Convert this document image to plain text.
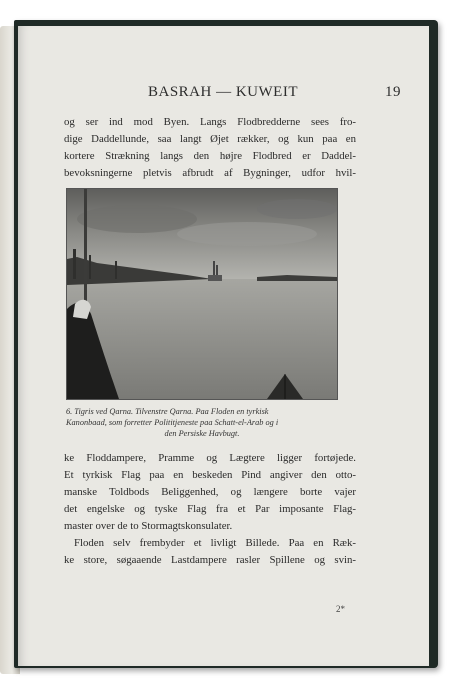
BASRAH — KUWEIT	19
og ser ind mod Byen. Langs Flodbredderne sees fro-
dige Daddellunde, saa langt Øjet rækker, og kun paa en
kortere Strækning langs den højre Flodbred er Daddel-
bevoksningerne pletvis afbrudt af Bygninger, udfor hvil-
6. Tigris ved Qarna. Tilvenstre Qarna. Paa Floden en tyrkisk
Kanonbaad, som forretter Polititjeneste paa Schatt-el-Arab og i
den Persiske Havbugt.
ke Floddampere, Pramme og Lægtere ligger fortøjede.
Et tyrkisk Flag paa en beskeden Pind angiver den otto-
manske Toldbods Beliggenhed, og længere borte vajer
det engelske og tyske Flag fra et Par imposante Flag-
master over de to Stormagtskonsulater.
Floden selv frembyder et livligt Billede. Paa en Ræk-
ke store, søgaaende Lastdampere rasler Spillene og svin-
2*
